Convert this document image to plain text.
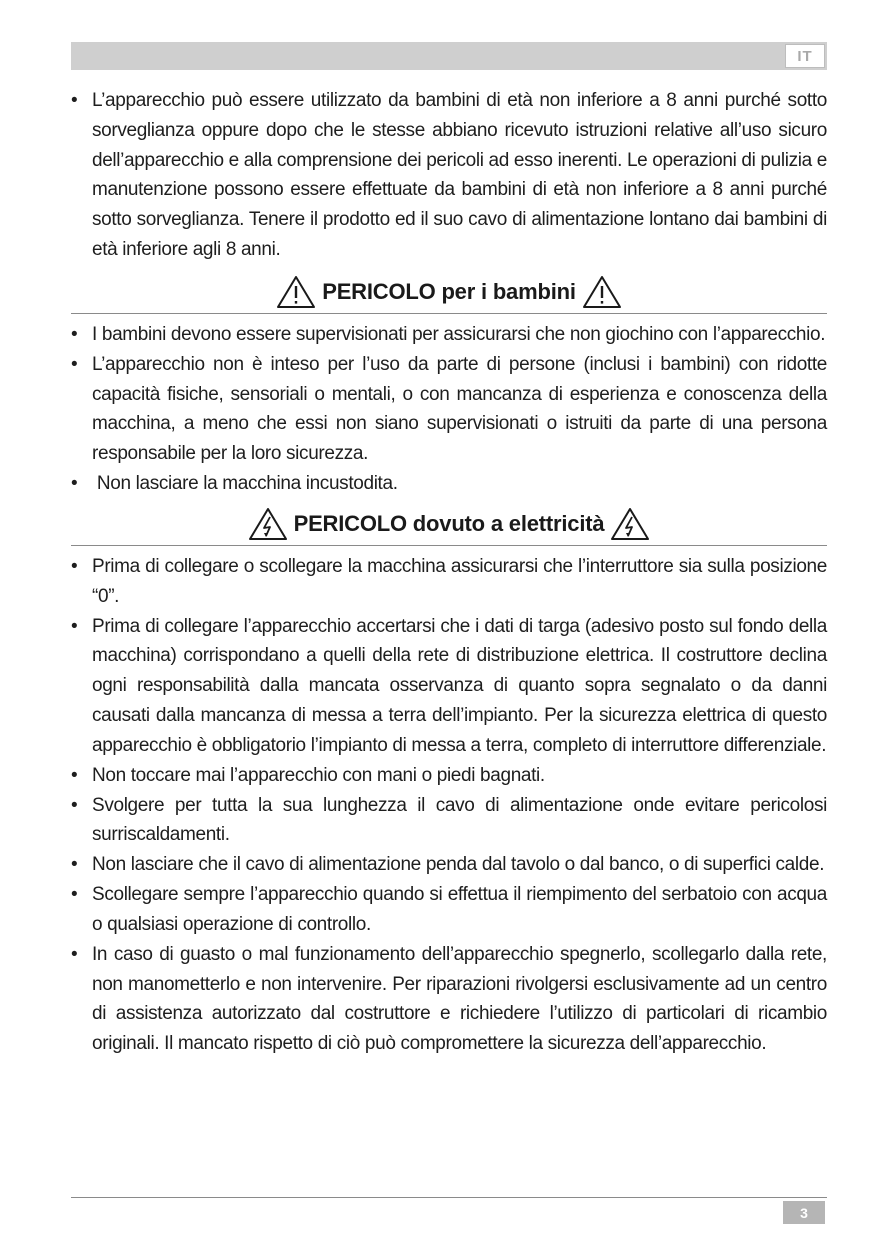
IT
• L’apparecchio può essere utilizzato da bambini di età non inferiore a 8 anni purché sotto sorveglianza oppure dopo che le stesse abbiano ricevuto istruzioni relative all’uso sicuro dell’apparecchio e alla comprensione dei pericoli ad esso inerenti. Le operazioni di pulizia e manutenzione possono essere effettuate da bambini di età non inferiore a 8 anni purché sotto sorveglianza. Tenere il prodotto ed il suo cavo di alimentazione lontano dai bambini di età inferiore agli 8 anni.
PERICOLO per i bambini
• I bambini devono essere supervisionati per assicurarsi che non giochino con l’apparecchio.
• L’apparecchio non è inteso per l’uso da parte di persone (inclusi i bambini) con ridotte capacità fisiche, sensoriali o mentali, o con mancanza di esperienza e conoscenza della macchina, a meno che essi non siano supervisionati o istruiti da parte di una persona responsabile per la loro sicurezza.
• Non lasciare la macchina incustodita.
PERICOLO dovuto a elettricità
• Prima di collegare o scollegare la macchina assicurarsi che l’interruttore sia sulla posizione “0”.
• Prima di collegare l’apparecchio accertarsi che i dati di targa (adesivo posto sul fondo della macchina) corrispondano a quelli della rete di distribuzione elettrica. Il costruttore declina ogni responsabilità dalla mancata osservanza di quanto sopra segnalato o da danni causati dalla mancanza di messa a terra dell’impianto. Per la sicurezza elettrica di questo apparecchio è obbligatorio l’impianto di messa a terra, completo di interruttore differenziale.
• Non toccare mai l’apparecchio con mani o piedi bagnati.
• Svolgere per tutta la sua lunghezza il cavo di alimentazione onde evitare pericolosi surriscaldamenti.
• Non lasciare che il cavo di alimentazione penda dal tavolo o dal banco, o di superfici calde.
• Scollegare sempre l’apparecchio quando si effettua il riempimento del serbatoio con acqua o qualsiasi operazione di controllo.
• In caso di guasto o mal funzionamento dell’apparecchio spegnerlo, scollegarlo dalla rete, non manometterlo e non intervenire. Per riparazioni rivolgersi esclusivamente ad un centro di assistenza autorizzato dal costruttore e richiedere l’utilizzo di particolari di ricambio originali. Il mancato rispetto di ciò può compromettere la sicurezza dell’apparecchio.
3
